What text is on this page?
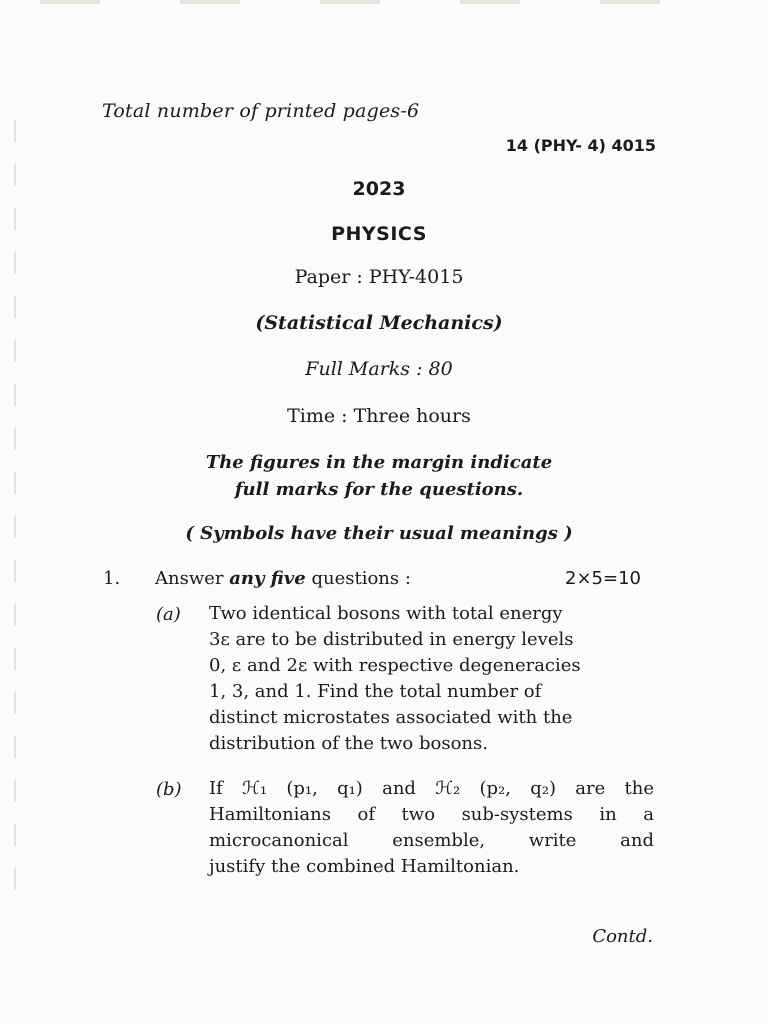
Total number of printed pages-6
14 (PHY- 4) 4015
2023
PHYSICS
Paper : PHY-4015
(Statistical Mechanics)
Full Marks : 80
Time : Three hours
The figures in the margin indicate
full marks for the questions.
( Symbols have their usual meanings )
1. Answer any five questions :	2×5=10
(a) Two identical bosons with total energy
3ε are to be distributed in energy levels
0, ε and 2ε with respective degeneracies
1, 3, and 1. Find the total number of
distinct microstates associated with the
distribution of the two bosons.
(b) If ℋ₁ (p₁, q₁) and ℋ₂ (p₂, q₂) are the
Hamiltonians of two sub-systems in a
microcanonical ensemble, write and
justify the combined Hamiltonian.
Contd.
